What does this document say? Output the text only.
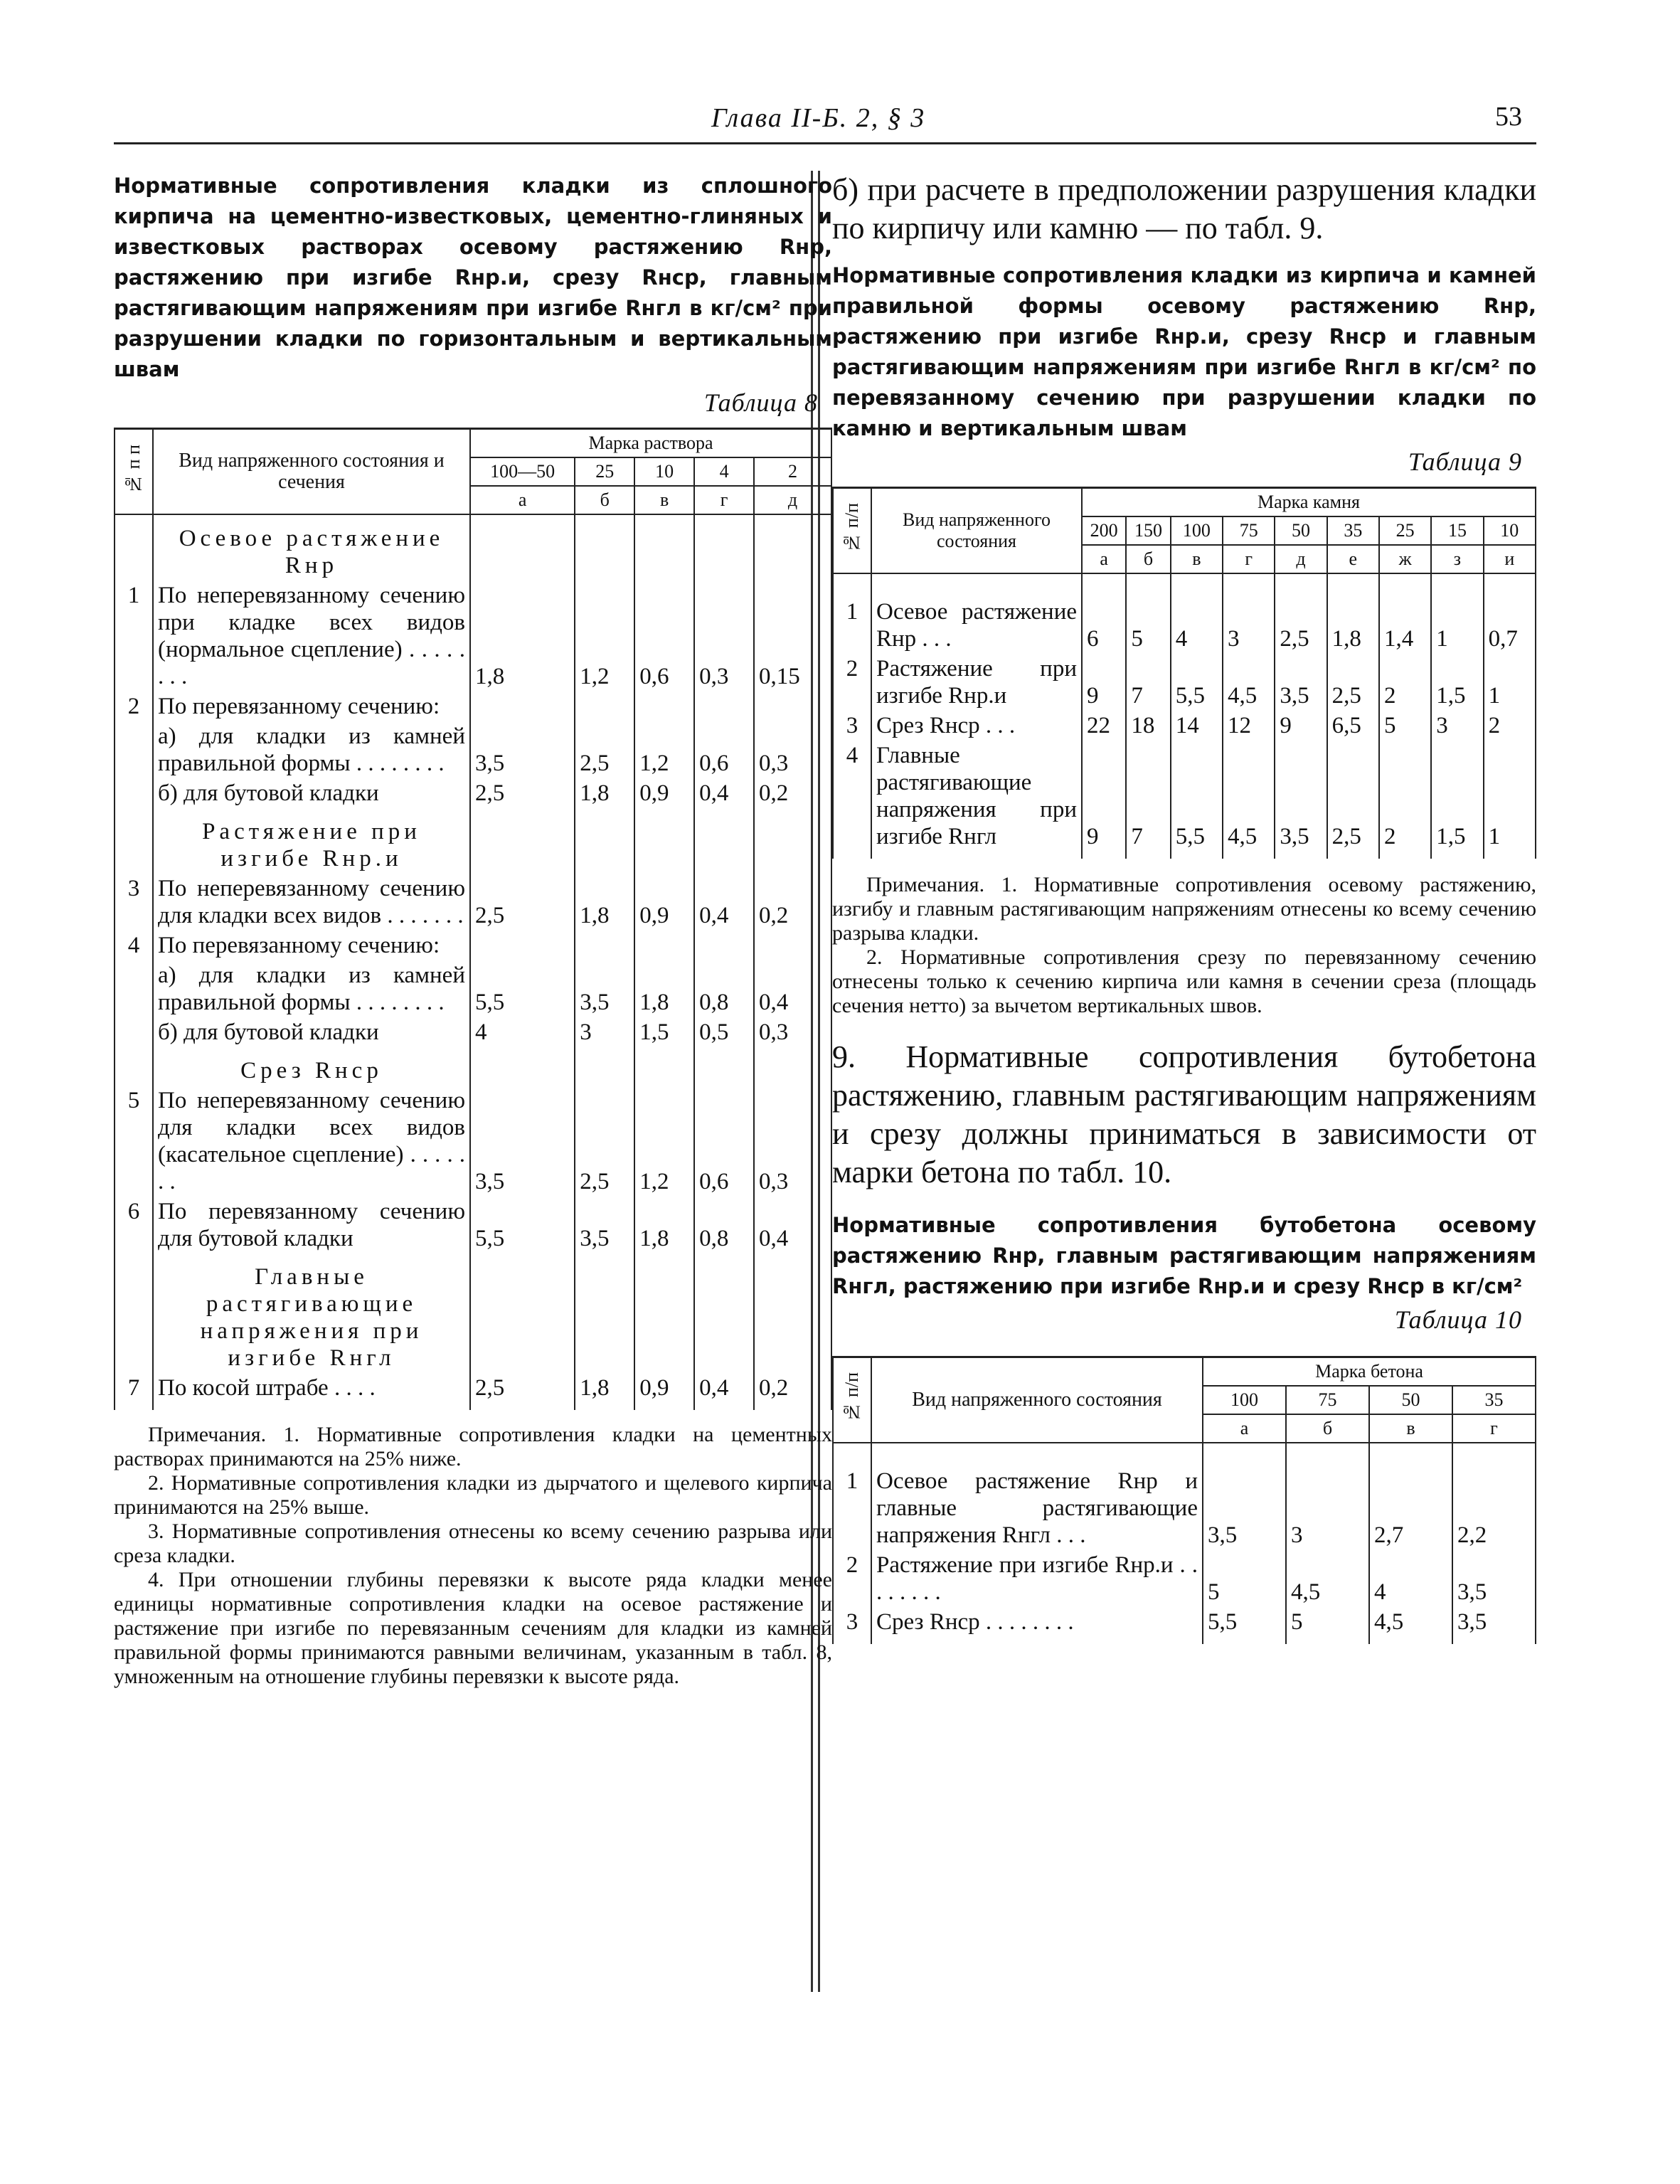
Глава II-Б. 2, § 3	53
Нормативные сопротивления кладки из сплошного кирпича на цементно-известковых, цементно-глиняных и известковых растворах осевому растяжению Rнр, растяжению при изгибе Rнр.и, срезу Rнср, главным растягивающим напряжениям при изгибе Rнгл в кг/см² при разрушении кладки по горизонтальным и вертикальным швам
Таблица 8
№ п п	Вид напряженного состояния и сечения	Марка раствора				
		100—50	25	10	4	2
		а	б	в	г	д
	Осевое растяжение Rнр					
1	По неперевязанному сечению при кладке всех видов (нормальное сцепление) . . . . . . . .	1,8	1,2	0,6	0,3	0,15
2	По перевязанному сечению:					
	а) для кладки из камней правильной формы . . . . . . . .	3,5	2,5	1,2	0,6	0,3
	б) для бутовой кладки	2,5	1,8	0,9	0,4	0,2
	Растяжение при изгибе Rнр.и					
3	По неперевязанному сечению для кладки всех видов . . . . . . .	2,5	1,8	0,9	0,4	0,2
4	По перевязанному сечению:					
	а) для кладки из камней правильной формы . . . . . . . .	5,5	3,5	1,8	0,8	0,4
	б) для бутовой кладки	4	3	1,5	0,5	0,3
	Срез Rнср					
5	По неперевязанному сечению для кладки всех видов (касательное сцепление) . . . . . . .	3,5	2,5	1,2	0,6	0,3
6	По перевязанному сечению для бутовой кладки	5,5	3,5	1,8	0,8	0,4
	Главные растягивающие напряжения при изгибе Rнгл					
7	По косой штрабе . . . .	2,5	1,8	0,9	0,4	0,2

Примечания. 1. Нормативные сопротивления кладки на цементных растворах принимаются на 25% ниже.

2. Нормативные сопротивления кладки из дырчатого и щелевого кирпича принимаются на 25% выше.

3. Нормативные сопротивления отнесены ко всему сечению разрыва или среза кладки.

4. При отношении глубины перевязки к высоте ряда кладки менее единицы нормативные сопротивления кладки на осевое растяжение и растяжение при изгибе по перевязанным сечениям для кладки из камней правильной формы принимаются равными величинам, указанным в табл. 8, умноженным на отношение глубины перевязки к высоте ряда.

б) при расчете в предположении разрушения кладки по кирпичу или камню — по табл. 9.
Нормативные сопротивления кладки из кирпича и камней правильной формы осевому растяжению Rнр, растяжению при изгибе Rнр.и, срезу Rнср и главным растягивающим напряжениям при изгибе Rнгл в кг/см² по перевязанному сечению при разрушении кладки по камню и вертикальным швам
Таблица 9
№ п/п	Вид напряженного состояния	Марка камня								
		200	150	100	75	50	35	25	15	10
		а	б	в	г	д	е	ж	з	и
1	Осевое растяжение Rнр . . .	6	5	4	3	2,5	1,8	1,4	1	0,7
2	Растяжение при изгибе Rнр.и	9	7	5,5	4,5	3,5	2,5	2	1,5	1
3	Срез Rнср . . .	22	18	14	12	9	6,5	5	3	2
4	Главные растягивающие напряжения при изгибе Rнгл	9	7	5,5	4,5	3,5	2,5	2	1,5	1

Примечания. 1. Нормативные сопротивления осевому растяжению, изгибу и главным растягивающим напряжениям отнесены ко всему сечению разрыва кладки.

2. Нормативные сопротивления срезу по перевязанному сечению отнесены только к сечению кирпича или камня в сечении среза (площадь сечения нетто) за вычетом вертикальных швов.

9. Нормативные сопротивления бутобетона растяжению, главным растягивающим напряжениям и срезу должны приниматься в зависимости от марки бетона по табл. 10.
Нормативные сопротивления бутобетона осевому растяжению Rнр, главным растягивающим напряжениям Rнгл, растяжению при изгибе Rнр.и и срезу Rнср в кг/см²
Таблица 10
№ п/п	Вид напряженного состояния	Марка бетона			
		100	75	50	35
		а	б	в	г
1	Осевое растяжение Rнр и главные растягивающие напряжения Rнгл . . .	3,5	3	2,7	2,2
2	Растяжение при изгибе Rнр.и . . . . . . . .	5	4,5	4	3,5
3	Срез Rнср . . . . . . . .	5,5	5	4,5	3,5
